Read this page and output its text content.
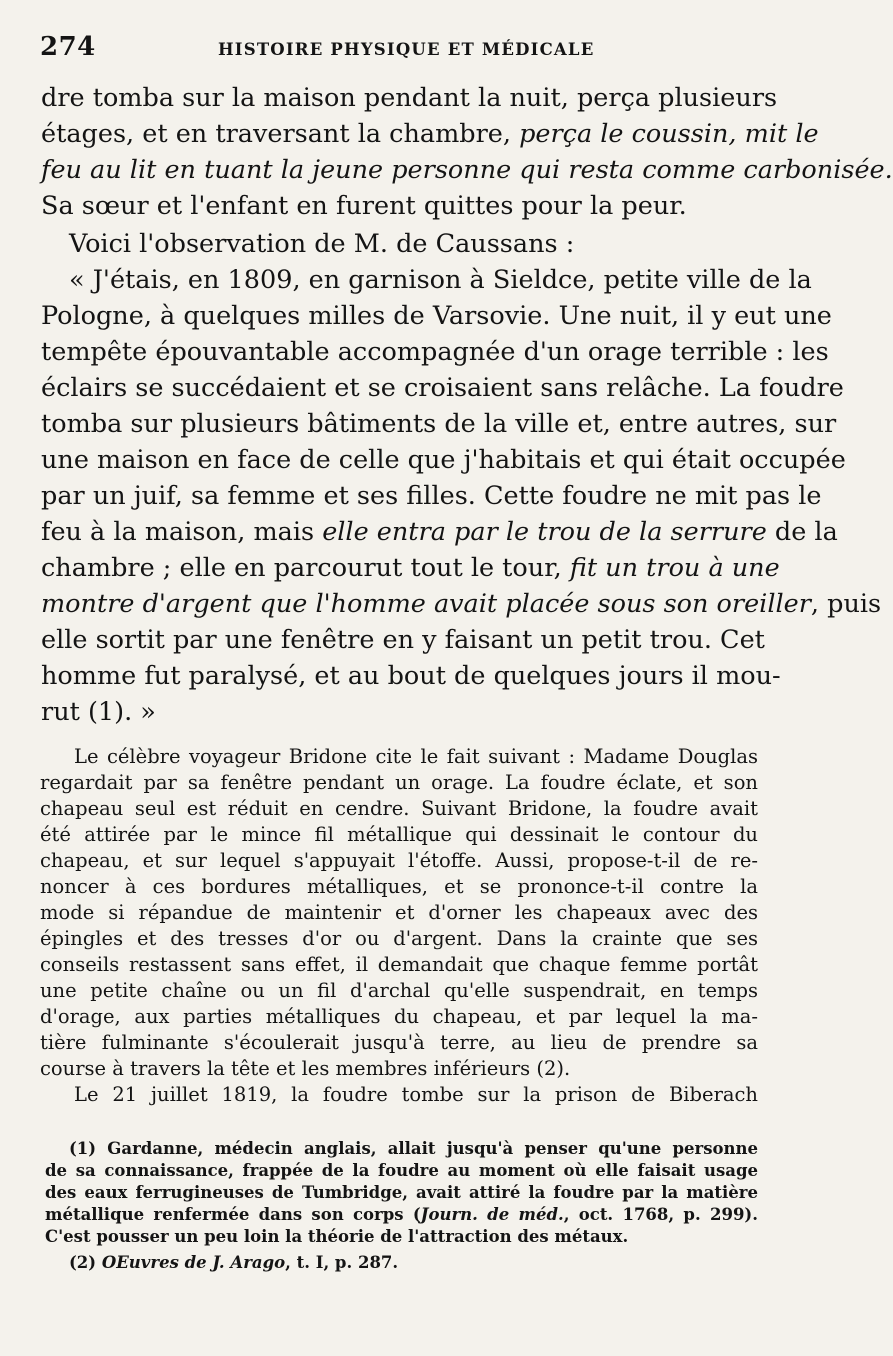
274	HISTOIRE PHYSIQUE ET MÉDICALE
dre tomba sur la maison pendant la nuit, perça plusieurs
étages, et en traversant la chambre, perça le coussin, mit le
feu au lit en tuant la jeune personne qui resta comme carbonisée.
Sa sœur et l'enfant en furent quittes pour la peur.
Voici l'observation de M. de Caussans :
« J'étais, en 1809, en garnison à Sieldce, petite ville de la
Pologne, à quelques milles de Varsovie. Une nuit, il y eut une
tempête épouvantable accompagnée d'un orage terrible : les
éclairs se succédaient et se croisaient sans relâche. La foudre
tomba sur plusieurs bâtiments de la ville et, entre autres, sur
une maison en face de celle que j'habitais et qui était occupée
par un juif, sa femme et ses filles. Cette foudre ne mit pas le
feu à la maison, mais elle entra par le trou de la serrure de la
chambre ; elle en parcourut tout le tour, fit un trou à une
montre d'argent que l'homme avait placée sous son oreiller, puis
elle sortit par une fenêtre en y faisant un petit trou. Cet
homme fut paralysé, et au bout de quelques jours il mou-
rut (1). »
Le célèbre voyageur Bridone cite le fait suivant : Madame Douglas
regardait par sa fenêtre pendant un orage. La foudre éclate, et son
chapeau seul est réduit en cendre. Suivant Bridone, la foudre avait
été attirée par le mince fil métallique qui dessinait le contour du
chapeau, et sur lequel s'appuyait l'étoffe. Aussi, propose-t-il de re-
noncer à ces bordures métalliques, et se prononce-t-il contre la
mode si répandue de maintenir et d'orner les chapeaux avec des
épingles et des tresses d'or ou d'argent. Dans la crainte que ses
conseils restassent sans effet, il demandait que chaque femme portât
une petite chaîne ou un fil d'archal qu'elle suspendrait, en temps
d'orage, aux parties métalliques du chapeau, et par lequel la ma-
tière fulminante s'écoulerait jusqu'à terre, au lieu de prendre sa
course à travers la tête et les membres inférieurs (2).
Le 21 juillet 1819, la foudre tombe sur la prison de Biberach
(1) Gardanne, médecin anglais, allait jusqu'à penser qu'une personne
de sa connaissance, frappée de la foudre au moment où elle faisait usage
des eaux ferrugineuses de Tumbridge, avait attiré la foudre par la matière
métallique renfermée dans son corps (Journ. de méd., oct. 1768, p. 299).
C'est pousser un peu loin la théorie de l'attraction des métaux.
(2) OEuvres de J. Arago, t. I, p. 287.
